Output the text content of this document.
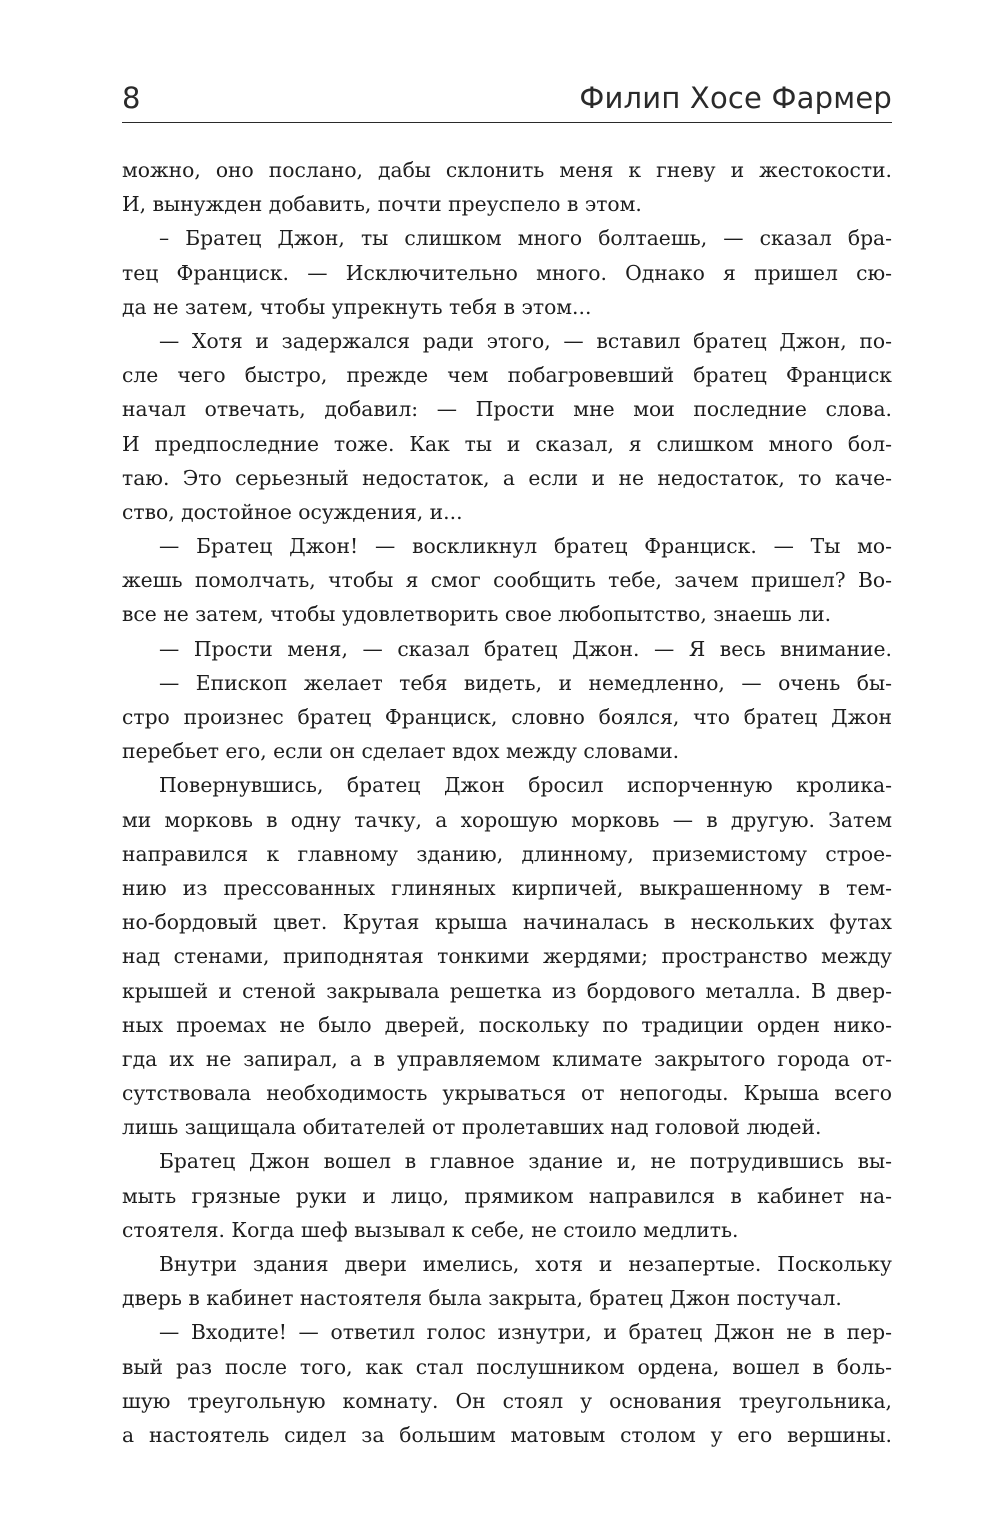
8	Филип Хосе Фармер
можно, оно послано, дабы склонить меня к гневу и жестокости.
И, вынужден добавить, почти преуспело в этом.
– Братец Джон, ты слишком много болтаешь, — сказал бра-
тец Франциск. — Исключительно много. Однако я пришел сю-
да не затем, чтобы упрекнуть тебя в этом...
— Хотя и задержался ради этого, — вставил братец Джон, по-
сле чего быстро, прежде чем побагровевший братец Франциск
начал отвечать, добавил: — Прости мне мои последние слова.
И предпоследние тоже. Как ты и сказал, я слишком много бол-
таю. Это серьезный недостаток, а если и не недостаток, то каче-
ство, достойное осуждения, и...
— Братец Джон! — воскликнул братец Франциск. — Ты мо-
жешь помолчать, чтобы я смог сообщить тебе, зачем пришел? Во-
все не затем, чтобы удовлетворить свое любопытство, знаешь ли.
— Прости меня, — сказал братец Джон. — Я весь внимание.
— Епископ желает тебя видеть, и немедленно, — очень бы-
стро произнес братец Франциск, словно боялся, что братец Джон
перебьет его, если он сделает вдох между словами.
Повернувшись, братец Джон бросил испорченную кролика-
ми морковь в одну тачку, а хорошую морковь — в другую. Затем
направился к главному зданию, длинному, приземистому строе-
нию из прессованных глиняных кирпичей, выкрашенному в тем-
но-бордовый цвет. Крутая крыша начиналась в нескольких футах
над стенами, приподнятая тонкими жердями; пространство между
крышей и стеной закрывала решетка из бордового металла. В двер-
ных проемах не было дверей, поскольку по традиции орден нико-
гда их не запирал, а в управляемом климате закрытого города от-
сутствовала необходимость укрываться от непогоды. Крыша всего
лишь защищала обитателей от пролетавших над головой людей.
Братец Джон вошел в главное здание и, не потрудившись вы-
мыть грязные руки и лицо, прямиком направился в кабинет на-
стоятеля. Когда шеф вызывал к себе, не стоило медлить.
Внутри здания двери имелись, хотя и незапертые. Поскольку
дверь в кабинет настоятеля была закрыта, братец Джон постучал.
— Входите! — ответил голос изнутри, и братец Джон не в пер-
вый раз после того, как стал послушником ордена, вошел в боль-
шую треугольную комнату. Он стоял у основания треугольника,
а настоятель сидел за большим матовым столом у его вершины.
